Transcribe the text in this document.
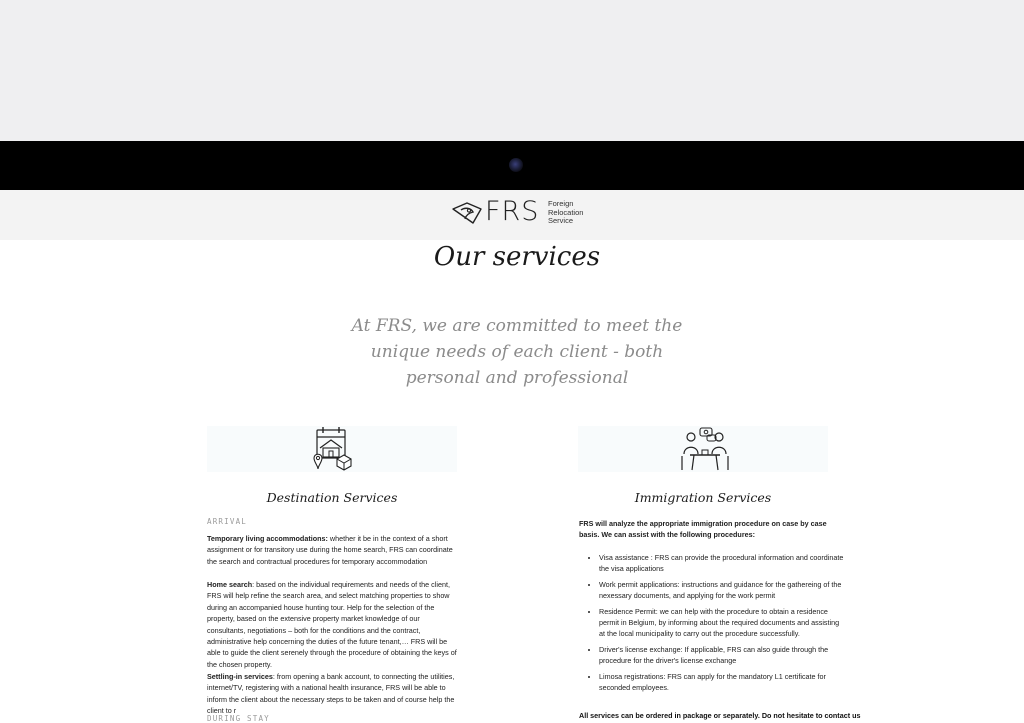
FRS Foreign
Relocation
Service
Our services
At FRS, we are committed to meet the unique needs of each client - both personal and professional
Destination Services
ARRIVAL
Temporary living accommodations: whether it be in the context of a short assignment or for transitory use during the home search, FRS can coordinate the search and contractual procedures for temporary accommodation
Home search: based on the individual requirements and needs of the client, FRS will help refine the search area, and select matching properties to show during an accompanied house hunting tour. Help for the selection of the property, based on the extensive property market knowledge of our consultants, negotiations – both for the conditions and the contract, administrative help concerning the duties of the future tenant,… FRS will be able to guide the client serenely through the procedure of obtaining the keys of the chosen property.
Settling-in services: from opening a bank account, to connecting the utilities, internet/TV, registering with a national health insurance, FRS will be able to inform the client about the necessary steps to be taken and of course help the client to r
DURING STAY
Immigration Services
FRS will analyze the appropriate immigration procedure on case by case basis. We can assist with the following procedures:
• Visa assistance : FRS can provide the procedural information and coordinate the visa applications
• Work permit applications: instructions and guidance for the gathereing of the nexessary documents, and applying for the work permit
• Residence Permit: we can help with the procedure to obtain a residence permit in Belgium, by informing about the required documents and assisting at the local municipality to carry out the procedure successfully.
• Driver's license exchange: If applicable, FRS can also guide through the procedure for the driver's license exchange
• Limosa registrations: FRS can apply for the mandatory L1 certificate for seconded employees.
All services can be ordered in package or separately. Do not hesitate to contact us
